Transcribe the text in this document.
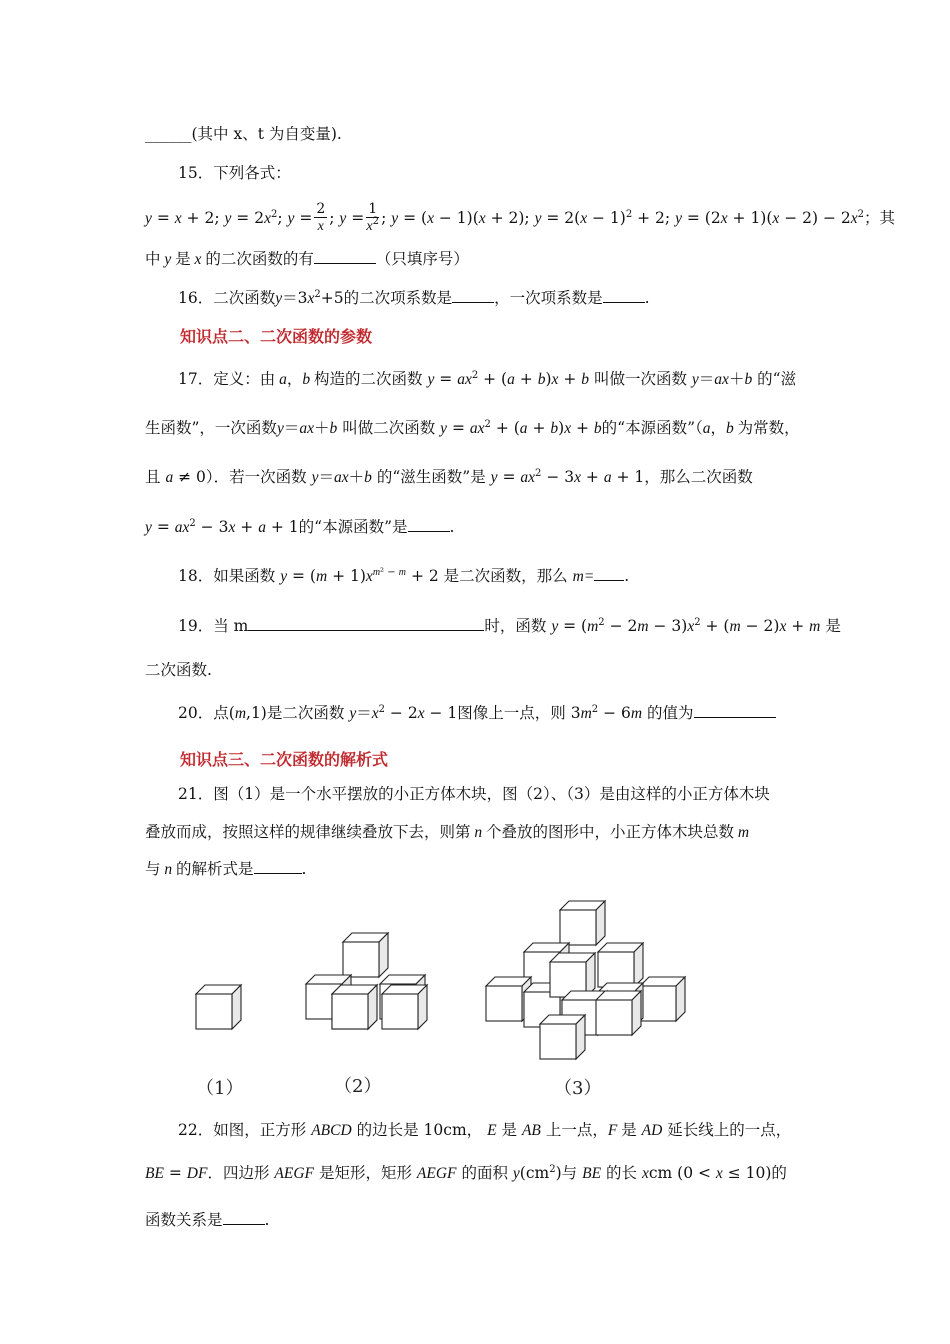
______(其中 x、t 为自变量).
15．下列各式：
y = x + 2; $y = 2x^2$; $y = \frac{2}{x}$ ; $y = \frac{1}{x^2}$ ; y = (x − 1)(x + 2); $y = 2(x - 1)^2 + 2$; $y = (2x + 1)(x - 2) - 2x^2$ ；其
中 y 是 x 的二次函数的有	（只填序号）
16．二次函数$y=3x^2+5$的二次项系数是	，一次项系数是	.
知识点二、二次函数的参数
17．定义：由 a，b 构造的二次函数 $y = ax^2 + (a + b)x + b$ 叫做一次函数 y＝ax＋b 的“滋
生函数”，一次函数y＝ax＋b 叫做二次函数 $y = ax^2 + (a + b)x + b$的“本源函数”（a，b 为常数，
且 a ≠ 0）．若一次函数 y＝ax＋b 的“滋生函数”是 $y = ax^2 - 3x + a + 1$，那么二次函数
$y = ax^2 - 3x + a + 1$的“本源函数”是	.
18．如果函数 $y = (m + 1)x^{m^2 - m} + 2$ 是二次函数，那么 m= .
19．当 m	时，函数 $y = (m^2 - 2m - 3)x^2 + (m - 2)x + m$ 是
二次函数.
20．点(m,1)是二次函数 $y=x^2 - 2x - 1$图像上一点，则 $3m^2 - 6m$ 的值为
知识点三、二次函数的解析式
21．图（1）是一个水平摆放的小正方体木块，图（2）、（3）是由这样的小正方体木块
叠放而成，按照这样的规律继续叠放下去，则第 n 个叠放的图形中，小正方体木块总数 m
与 n 的解析式是	.
（1）	（2）	（3）
22．如图，正方形 ABCD 的边长是 10cm， E 是 AB 上一点，F 是 AD 延长线上的一点，
BE = DF．四边形 AEGF 是矩形，矩形 AEGF 的面积 $y(cm^2)$与 BE 的长 xcm (0 < x ≤ 10)的
函数关系是	.
